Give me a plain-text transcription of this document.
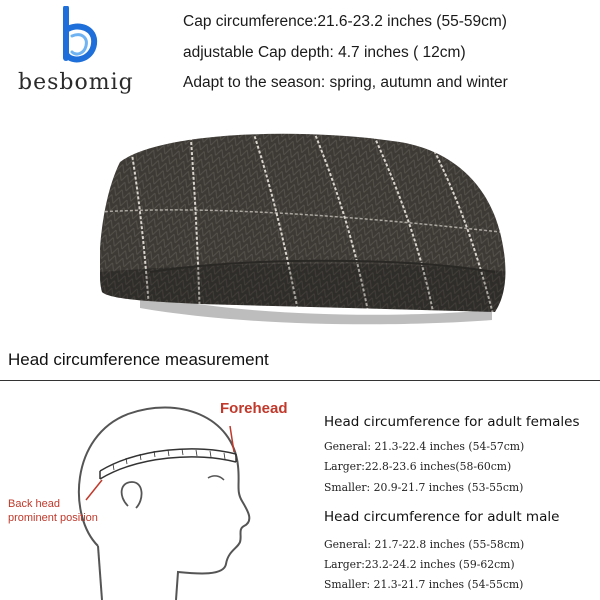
besbomig
Cap circumference:21.6-23.2 inches (55-59cm)
adjustable Cap depth: 4.7 inches ( 12cm)
Adapt to the season: spring, autumn and winter
Head circumference measurement
Forehead
Back head prominent position
Head circumference for adult females
General: 21.3-22.4 inches (54-57cm)
Larger:22.8-23.6 inches(58-60cm)
Smaller: 20.9-21.7 inches (53-55cm)
Head circumference for adult male
General: 21.7-22.8 inches (55-58cm)
Larger:23.2-24.2 inches (59-62cm)
Smaller: 21.3-21.7 inches (54-55cm)
